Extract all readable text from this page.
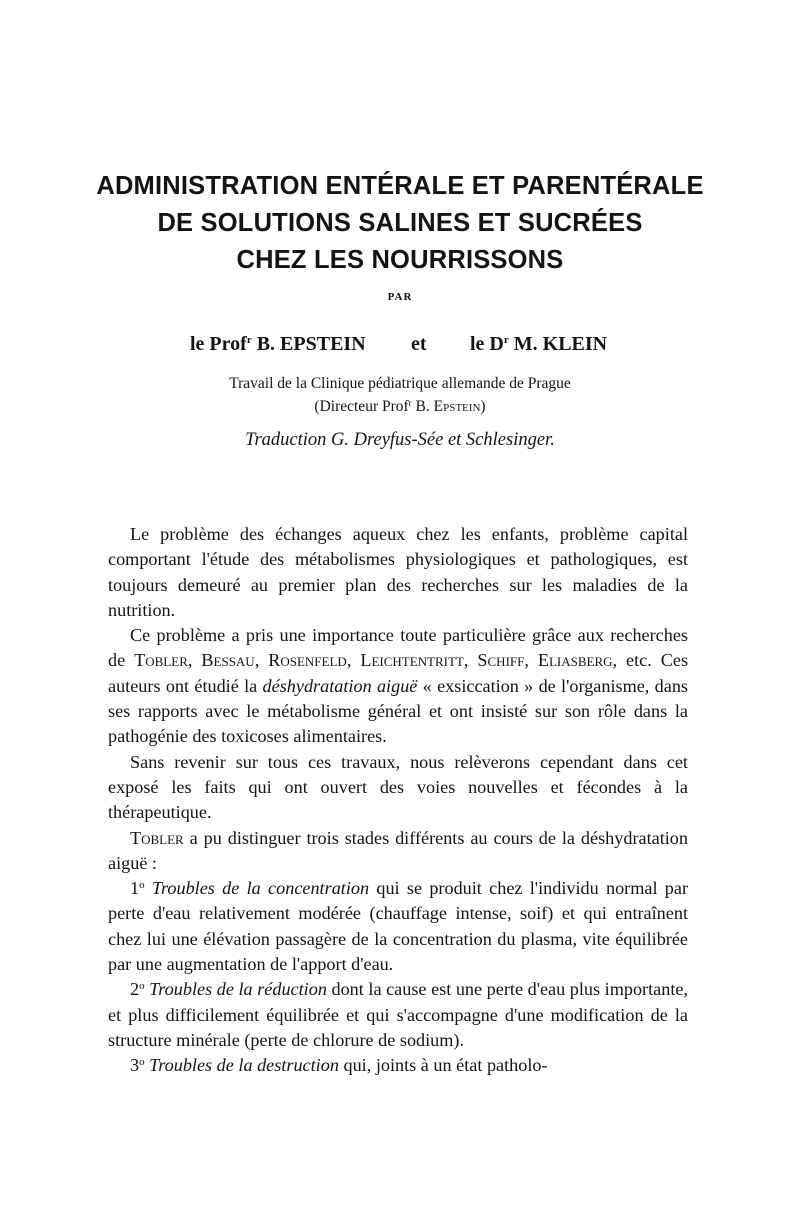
ADMINISTRATION ENTÉRALE ET PARENTÉRALE
DE SOLUTIONS SALINES ET SUCRÉES
CHEZ LES NOURRISSONS
PAR
le Prof$^r$ B. EPSTEIN et le $D^r$ M. KLEIN
Travail de la Clinique pédiatrique allemande de Prague
(Directeur Prof$^r$ B. Epstein)
Traduction G. Dreyfus-Sée et Schlesinger.

Le problème des échanges aqueux chez les enfants, problème capital comportant l'étude des métabolismes physiologiques et pathologiques, est toujours demeuré au premier plan des recherches sur les maladies de la nutrition.

Ce problème a pris une importance toute particulière grâce aux recherches de Tobler, Bessau, Rosenfeld, Leichtentritt, Schiff, Eliasberg, etc. Ces auteurs ont étudié la déshydratation aiguë « exsiccation » de l'organisme, dans ses rapports avec le métabolisme général et ont insisté sur son rôle dans la pathogénie des toxicoses alimentaires.

Sans revenir sur tous ces travaux, nous relèverons cependant dans cet exposé les faits qui ont ouvert des voies nouvelles et fécondes à la thérapeutique.

Tobler a pu distinguer trois stades différents au cours de la déshydratation aiguë :

1$^o$ Troubles de la concentration qui se produit chez l'individu normal par perte d'eau relativement modérée (chauffage intense, soif) et qui entraînent chez lui une élévation passagère de la concentration du plasma, vite équilibrée par une augmentation de l'apport d'eau.

2$^o$ Troubles de la réduction dont la cause est une perte d'eau plus importante, et plus difficilement équilibrée et qui s'accompagne d'une modification de la structure minérale (perte de chlorure de sodium).

3$^o$ Troubles de la destruction qui, joints à un état patholo-
